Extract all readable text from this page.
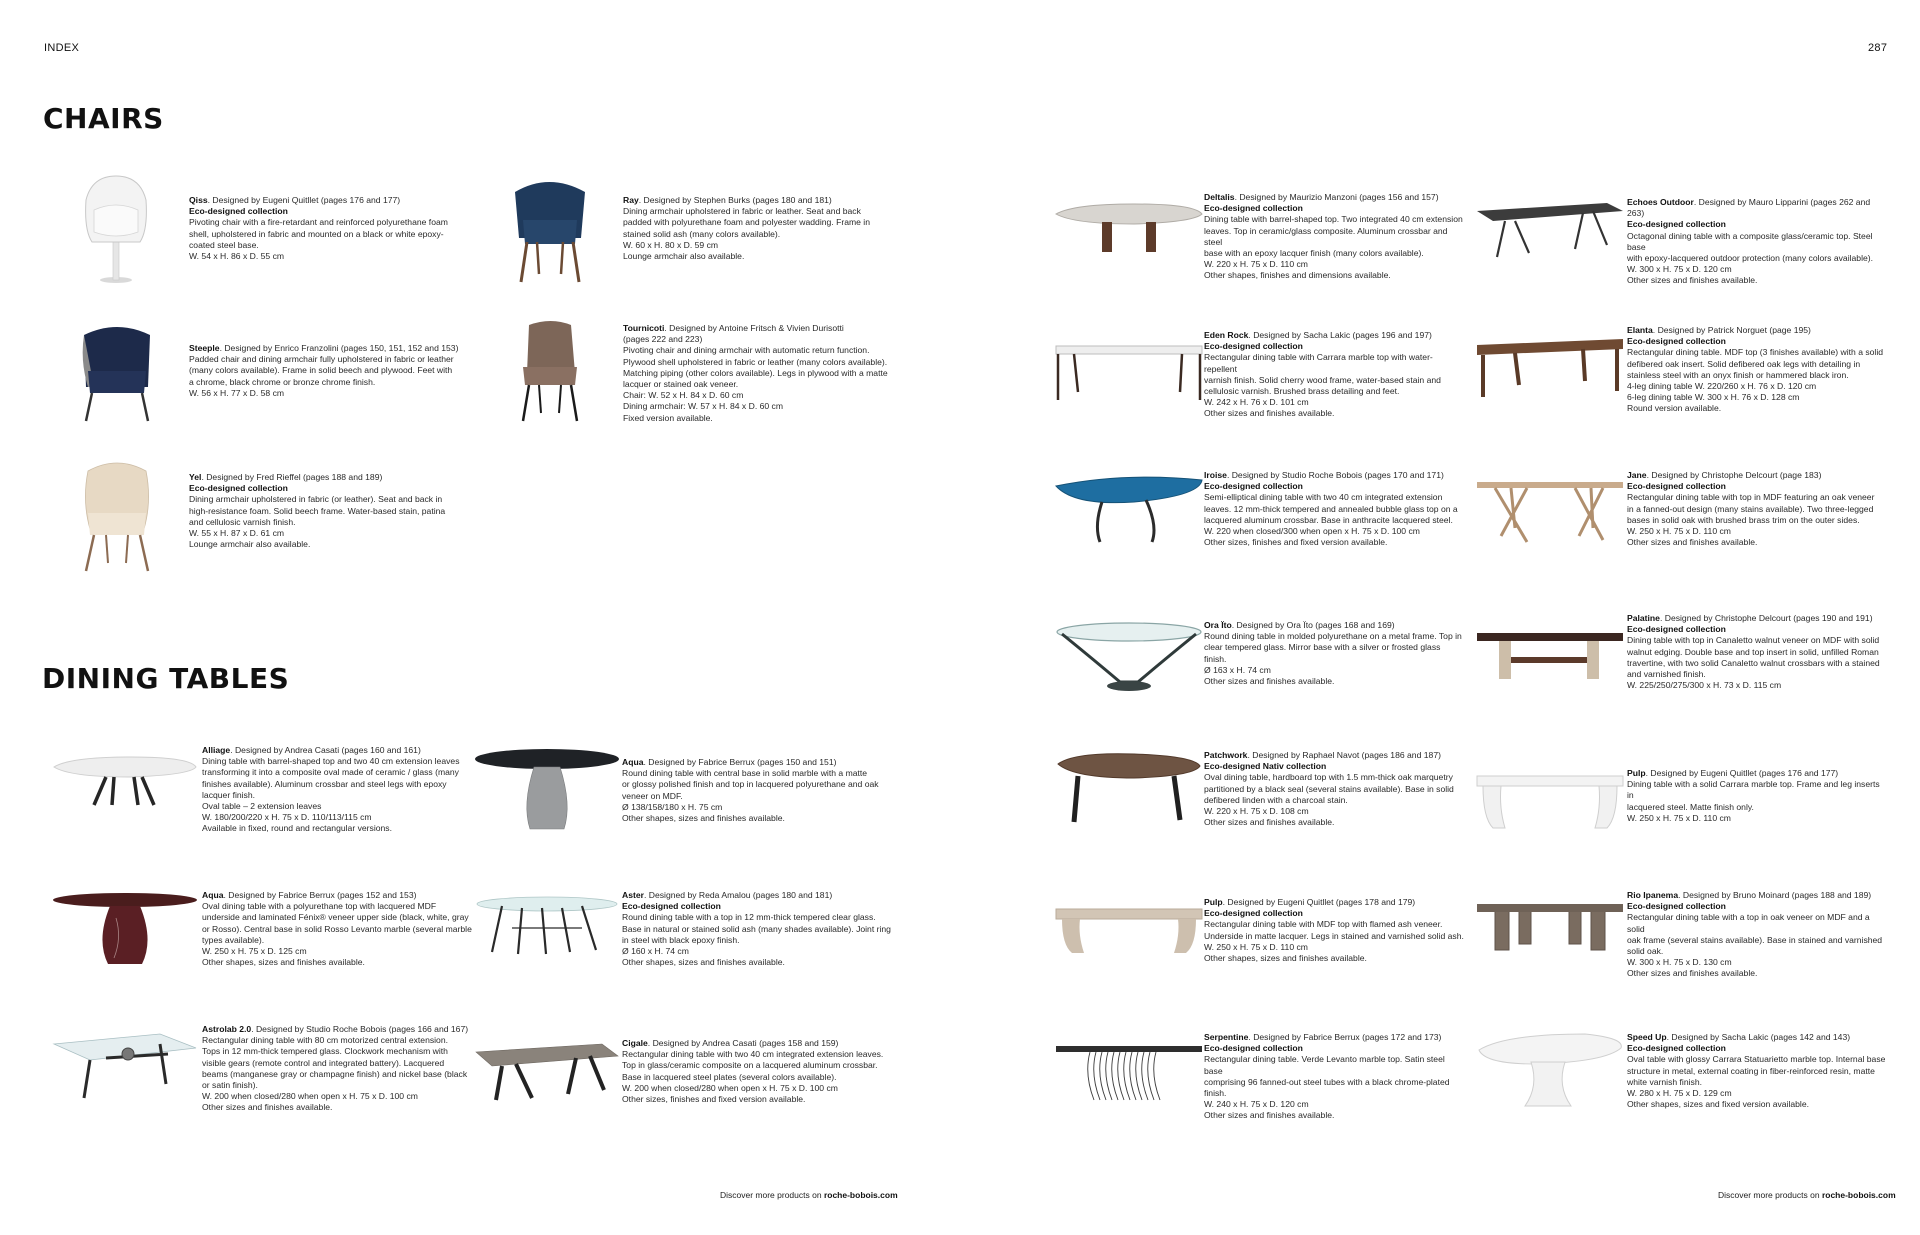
INDEX	287
CHAIRS
DINING TABLES

Qiss. Designed by Eugeni Quitllet (pages 176 and 177)

Eco-designed collection

Pivoting chair with a fire-retardant and reinforced polyurethane foam

shell, upholstered in fabric and mounted on a black or white epoxy-

coated steel base.

W. 54 x H. 86 x D. 55 cm

Ray. Designed by Stephen Burks (pages 180 and 181)

Dining armchair upholstered in fabric or leather. Seat and back

padded with polyurethane foam and polyester wadding. Frame in

stained solid ash (many colors available).

W. 60 x H. 80 x D. 59 cm

Lounge armchair also available.

Steeple. Designed by Enrico Franzolini (pages 150, 151, 152 and 153)

Padded chair and dining armchair fully upholstered in fabric or leather

(many colors available). Frame in solid beech and plywood. Feet with

a chrome, black chrome or bronze chrome finish.

W. 56 x H. 77 x D. 58 cm

Tournicoti. Designed by Antoine Fritsch & Vivien Durisotti

(pages 222 and 223)

Pivoting chair and dining armchair with automatic return function.

Plywood shell upholstered in fabric or leather (many colors available).

Matching piping (other colors available). Legs in plywood with a matte

lacquer or stained oak veneer.

Chair: W. 52 x H. 84 x D. 60 cm

Dining armchair: W. 57 x H. 84 x D. 60 cm

Fixed version available.

Yel. Designed by Fred Rieffel (pages 188 and 189)

Eco-designed collection

Dining armchair upholstered in fabric (or leather). Seat and back in

high-resistance foam. Solid beech frame. Water-based stain, patina

and cellulosic varnish finish.

W. 55 x H. 87 x D. 61 cm

Lounge armchair also available.

Alliage. Designed by Andrea Casati (pages 160 and 161)

Dining table with barrel-shaped top and two 40 cm extension leaves

transforming it into a composite oval made of ceramic / glass (many

finishes available). Aluminum crossbar and steel legs with epoxy

lacquer finish.

Oval table – 2 extension leaves

W. 180/200/220 x H. 75 x D. 110/113/115 cm

Available in fixed, round and rectangular versions.

Aqua. Designed by Fabrice Berrux (pages 150 and 151)

Round dining table with central base in solid marble with a matte

or glossy polished finish and top in lacquered polyurethane and oak

veneer on MDF.

Ø 138/158/180 x H. 75 cm

Other shapes, sizes and finishes available.

Aqua. Designed by Fabrice Berrux (pages 152 and 153)

Oval dining table with a polyurethane top with lacquered MDF

underside and laminated Fénix® veneer upper side (black, white, gray

or Rosso). Central base in solid Rosso Levanto marble (several marble

types available).

W. 250 x H. 75 x D. 125 cm

Other shapes, sizes and finishes available.

Aster. Designed by Reda Amalou (pages 180 and 181)

Eco-designed collection

Round dining table with a top in 12 mm-thick tempered clear glass.

Base in natural or stained solid ash (many shades available). Joint ring

in steel with black epoxy finish.

Ø 160 x H. 74 cm

Other shapes, sizes and finishes available.

Astrolab 2.0. Designed by Studio Roche Bobois (pages 166 and 167)

Rectangular dining table with 80 cm motorized central extension.

Tops in 12 mm-thick tempered glass. Clockwork mechanism with

visible gears (remote control and integrated battery). Lacquered

beams (manganese gray or champagne finish) and nickel base (black

or satin finish).

W. 200 when closed/280 when open x H. 75 x D. 100 cm

Other sizes and finishes available.

Cigale. Designed by Andrea Casati (pages 158 and 159)

Rectangular dining table with two 40 cm integrated extension leaves.

Top in glass/ceramic composite on a lacquered aluminum crossbar.

Base in lacquered steel plates (several colors available).

W. 200 when closed/280 when open x H. 75 x D. 100 cm

Other sizes, finishes and fixed version available.

Discover more products on roche-bobois.com

Deltalis. Designed by Maurizio Manzoni (pages 156 and 157)

Eco-designed collection

Dining table with barrel-shaped top. Two integrated 40 cm extension

leaves. Top in ceramic/glass composite. Aluminum crossbar and steel

base with an epoxy lacquer finish (many colors available).

W. 220 x H. 75 x D. 110 cm

Other shapes, finishes and dimensions available.

Echoes Outdoor. Designed by Mauro Lipparini (pages 262 and 263)

Eco-designed collection

Octagonal dining table with a composite glass/ceramic top. Steel base

with epoxy-lacquered outdoor protection (many colors available).

W. 300 x H. 75 x D. 120 cm

Other sizes and finishes available.

Eden Rock. Designed by Sacha Lakic (pages 196 and 197)

Eco-designed collection

Rectangular dining table with Carrara marble top with water-repellent

varnish finish. Solid cherry wood frame, water-based stain and

cellulosic varnish. Brushed brass detailing and feet.

W. 242 x H. 76 x D. 101 cm

Other sizes and finishes available.

Elanta. Designed by Patrick Norguet (page 195)

Eco-designed collection

Rectangular dining table. MDF top (3 finishes available) with a solid

defibered oak insert. Solid defibered oak legs with detailing in

stainless steel with an onyx finish or hammered black iron.

4-leg dining table W. 220/260 x H. 76 x D. 120 cm

6-leg dining table W. 300 x H. 76 x D. 128 cm

Round version available.

Iroise. Designed by Studio Roche Bobois (pages 170 and 171)

Eco-designed collection

Semi-elliptical dining table with two 40 cm integrated extension

leaves. 12 mm-thick tempered and annealed bubble glass top on a

lacquered aluminum crossbar. Base in anthracite lacquered steel.

W. 220 when closed/300 when open x H. 75 x D. 100 cm

Other sizes, finishes and fixed version available.

Jane. Designed by Christophe Delcourt (page 183)

Eco-designed collection

Rectangular dining table with top in MDF featuring an oak veneer

in a fanned-out design (many stains available). Two three-legged

bases in solid oak with brushed brass trim on the outer sides.

W. 250 x H. 75 x D. 110 cm

Other sizes and finishes available.

Ora Ïto. Designed by Ora Ïto (pages 168 and 169)

Round dining table in molded polyurethane on a metal frame. Top in

clear tempered glass. Mirror base with a silver or frosted glass finish.

Ø 163 x H. 74 cm

Other sizes and finishes available.

Palatine. Designed by Christophe Delcourt (pages 190 and 191)

Eco-designed collection

Dining table with top in Canaletto walnut veneer on MDF with solid

walnut edging. Double base and top insert in solid, unfilled Roman

travertine, with two solid Canaletto walnut crossbars with a stained

and varnished finish.

W. 225/250/275/300 x H. 73 x D. 115 cm

Patchwork. Designed by Raphael Navot (pages 186 and 187)

Eco-designed Nativ collection

Oval dining table, hardboard top with 1.5 mm-thick oak marquetry

partitioned by a black seal (several stains available). Base in solid

defibered linden with a charcoal stain.

W. 220 x H. 75 x D. 108 cm

Other sizes and finishes available.

Pulp. Designed by Eugeni Quitllet (pages 176 and 177)

Dining table with a solid Carrara marble top. Frame and leg inserts in

lacquered steel. Matte finish only.

W. 250 x H. 75 x D. 110 cm

Pulp. Designed by Eugeni Quitllet (pages 178 and 179)

Eco-designed collection

Rectangular dining table with MDF top with flamed ash veneer.

Underside in matte lacquer. Legs in stained and varnished solid ash.

W. 250 x H. 75 x D. 110 cm

Other shapes, sizes and finishes available.

Rio Ipanema. Designed by Bruno Moinard (pages 188 and 189)

Eco-designed collection

Rectangular dining table with a top in oak veneer on MDF and a solid

oak frame (several stains available). Base in stained and varnished

solid oak.

W. 300 x H. 75 x D. 130 cm

Other sizes and finishes available.

Serpentine. Designed by Fabrice Berrux (pages 172 and 173)

Eco-designed collection

Rectangular dining table. Verde Levanto marble top. Satin steel base

comprising 96 fanned-out steel tubes with a black chrome-plated

finish.

W. 240 x H. 75 x D. 120 cm

Other sizes and finishes available.

Speed Up. Designed by Sacha Lakic (pages 142 and 143)

Eco-designed collection

Oval table with glossy Carrara Statuarietto marble top. Internal base

structure in metal, external coating in fiber-reinforced resin, matte

white varnish finish.

W. 280 x H. 75 x D. 129 cm

Other shapes, sizes and fixed version available.

Discover more products on roche-bobois.com
